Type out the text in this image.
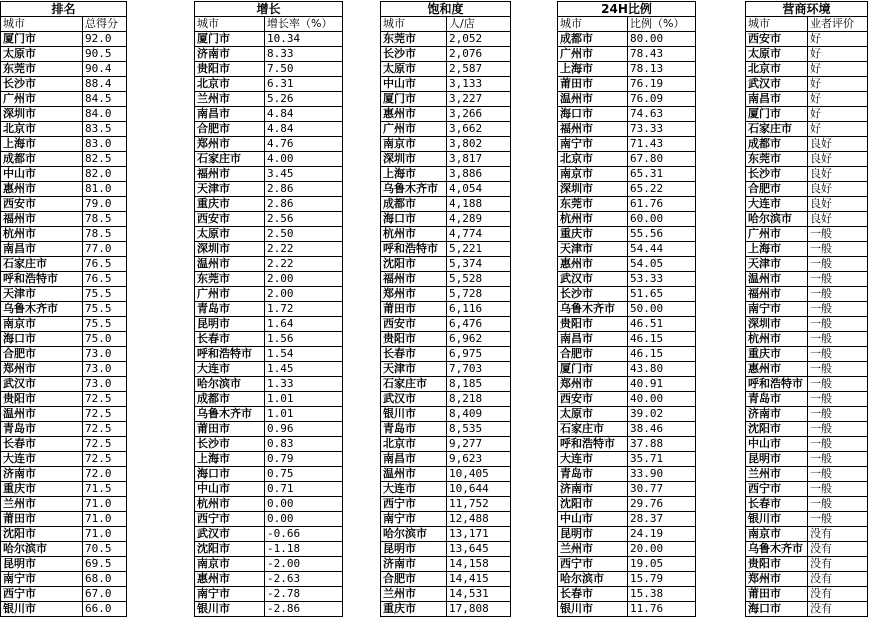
排名	
城市	总得分
厦门市	92.0
太原市	90.5
东莞市	90.4
长沙市	88.4
广州市	84.5
深圳市	84.0
北京市	83.5
上海市	83.0
成都市	82.5
中山市	82.0
惠州市	81.0
西安市	79.0
福州市	78.5
杭州市	78.5
南昌市	77.0
石家庄市	76.5
呼和浩特市	76.5
天津市	75.5
乌鲁木齐市	75.5
南京市	75.5
海口市	75.0
合肥市	73.0
郑州市	73.0
武汉市	73.0
贵阳市	72.5
温州市	72.5
青岛市	72.5
长春市	72.5
大连市	72.5
济南市	72.0
重庆市	71.5
兰州市	71.0
莆田市	71.0
沈阳市	71.0
哈尔滨市	70.5
昆明市	69.5
南宁市	68.0
西宁市	67.0
银川市	66.0
增长	
城市	增长率（%）
厦门市	10.34
济南市	8.33
贵阳市	7.50
北京市	6.31
兰州市	5.26
南昌市	4.84
合肥市	4.84
郑州市	4.76
石家庄市	4.00
福州市	3.45
天津市	2.86
重庆市	2.86
西安市	2.56
太原市	2.50
深圳市	2.22
温州市	2.22
东莞市	2.00
广州市	2.00
青岛市	1.72
昆明市	1.64
长春市	1.56
呼和浩特市	1.54
大连市	1.45
哈尔滨市	1.33
成都市	1.01
乌鲁木齐市	1.01
莆田市	0.96
长沙市	0.83
上海市	0.79
海口市	0.75
中山市	0.71
杭州市	0.00
西宁市	0.00
武汉市	-0.66
沈阳市	-1.18
南京市	-2.00
惠州市	-2.63
南宁市	-2.78
银川市	-2.86
饱和度	
城市	人/店
东莞市	2,052
长沙市	2,076
太原市	2,587
中山市	3,133
厦门市	3,227
惠州市	3,266
广州市	3,662
南京市	3,802
深圳市	3,817
上海市	3,886
乌鲁木齐市	4,054
成都市	4,188
海口市	4,289
杭州市	4,774
呼和浩特市	5,221
沈阳市	5,374
福州市	5,528
郑州市	5,728
莆田市	6,116
西安市	6,476
贵阳市	6,962
长春市	6,975
天津市	7,703
石家庄市	8,185
武汉市	8,218
银川市	8,409
青岛市	8,535
北京市	9,277
南昌市	9,623
温州市	10,405
大连市	10,644
西宁市	11,752
南宁市	12,488
哈尔滨市	13,171
昆明市	13,645
济南市	14,158
合肥市	14,415
兰州市	14,531
重庆市	17,808
24H比例	
城市	比例（%）
成都市	80.00
广州市	78.43
上海市	78.13
莆田市	76.19
温州市	76.09
海口市	74.63
福州市	73.33
南宁市	71.43
北京市	67.80
南京市	65.31
深圳市	65.22
东莞市	61.76
杭州市	60.00
重庆市	55.56
天津市	54.44
惠州市	54.05
武汉市	53.33
长沙市	51.65
乌鲁木齐市	50.00
贵阳市	46.51
南昌市	46.15
合肥市	46.15
厦门市	43.80
郑州市	40.91
西安市	40.00
太原市	39.02
石家庄市	38.46
呼和浩特市	37.88
大连市	35.71
青岛市	33.90
济南市	30.77
沈阳市	29.76
中山市	28.37
昆明市	24.19
兰州市	20.00
西宁市	19.05
哈尔滨市	15.79
长春市	15.38
银川市	11.76
营商环境	
城市	业者评价
西安市	好
太原市	好
北京市	好
武汉市	好
南昌市	好
厦门市	好
石家庄市	好
成都市	良好
东莞市	良好
长沙市	良好
合肥市	良好
大连市	良好
哈尔滨市	良好
广州市	一般
上海市	一般
天津市	一般
温州市	一般
福州市	一般
南宁市	一般
深圳市	一般
杭州市	一般
重庆市	一般
惠州市	一般
呼和浩特市	一般
青岛市	一般
济南市	一般
沈阳市	一般
中山市	一般
昆明市	一般
兰州市	一般
西宁市	一般
长春市	一般
银川市	一般
南京市	没有
乌鲁木齐市	没有
贵阳市	没有
郑州市	没有
莆田市	没有
海口市	没有
